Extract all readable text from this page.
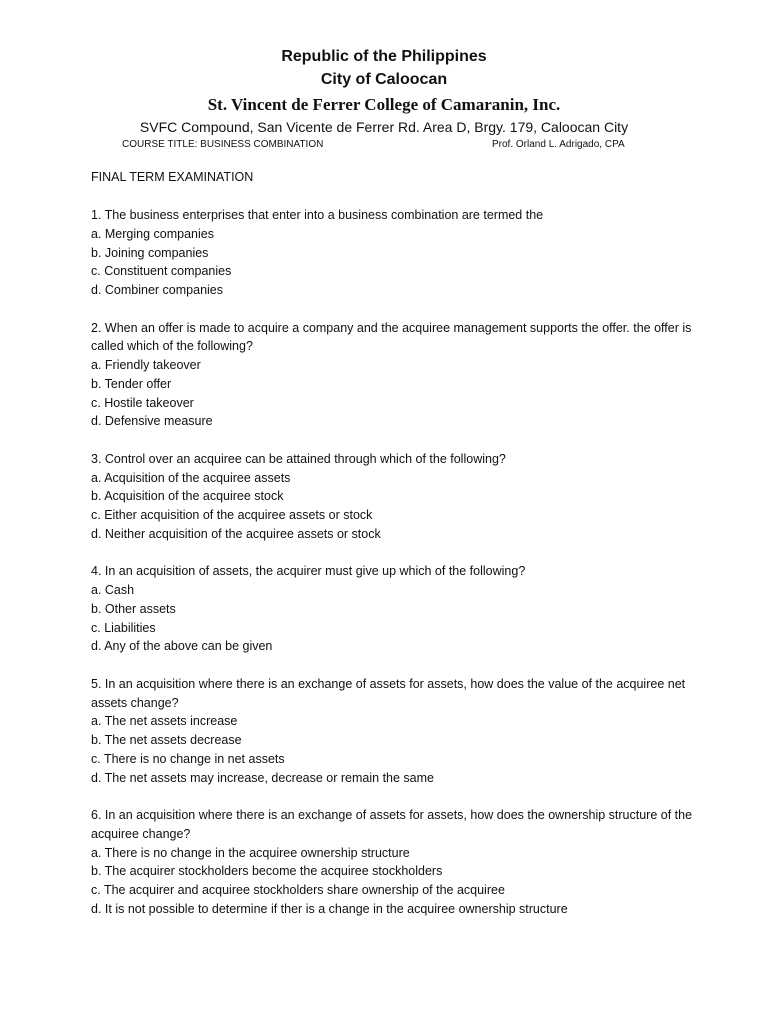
Republic of the Philippines
City of Caloocan
St. Vincent de Ferrer College of Camaranin, Inc.
SVFC Compound, San Vicente de Ferrer Rd. Area D, Brgy. 179, Caloocan City
COURSE TITLE: BUSINESS COMBINATION	Prof. Orland L. Adrigado, CPA
FINAL TERM EXAMINATION
1. The business enterprises that enter into a business combination are termed the
a. Merging companies
b. Joining companies
c. Constituent companies
d. Combiner companies
2. When an offer is made to acquire a company and the acquiree management supports the offer. the offer is called which of the following?
a. Friendly takeover
b. Tender offer
c. Hostile takeover
d. Defensive measure
3. Control over an acquiree can be attained through which of the following?
a. Acquisition of the acquiree assets
b. Acquisition of the acquiree stock
c. Either acquisition of the acquiree assets or stock
d. Neither acquisition of the acquiree assets or stock
4. In an acquisition of assets, the acquirer must give up which of the following?
a. Cash
b. Other assets
c. Liabilities
d. Any of the above can be given
5. In an acquisition where there is an exchange of assets for assets, how does the value of the acquiree net assets change?
a. The net assets increase
b. The net assets decrease
c. There is no change in net assets
d. The net assets may increase, decrease or remain the same
6. In an acquisition where there is an exchange of assets for assets, how does the ownership structure of the acquiree change?
a. There is no change in the acquiree ownership structure
b. The acquirer stockholders become the acquiree stockholders
c. The acquirer and acquiree stockholders share ownership of the acquiree
d. It is not possible to determine if ther is a change in the acquiree ownership structure
